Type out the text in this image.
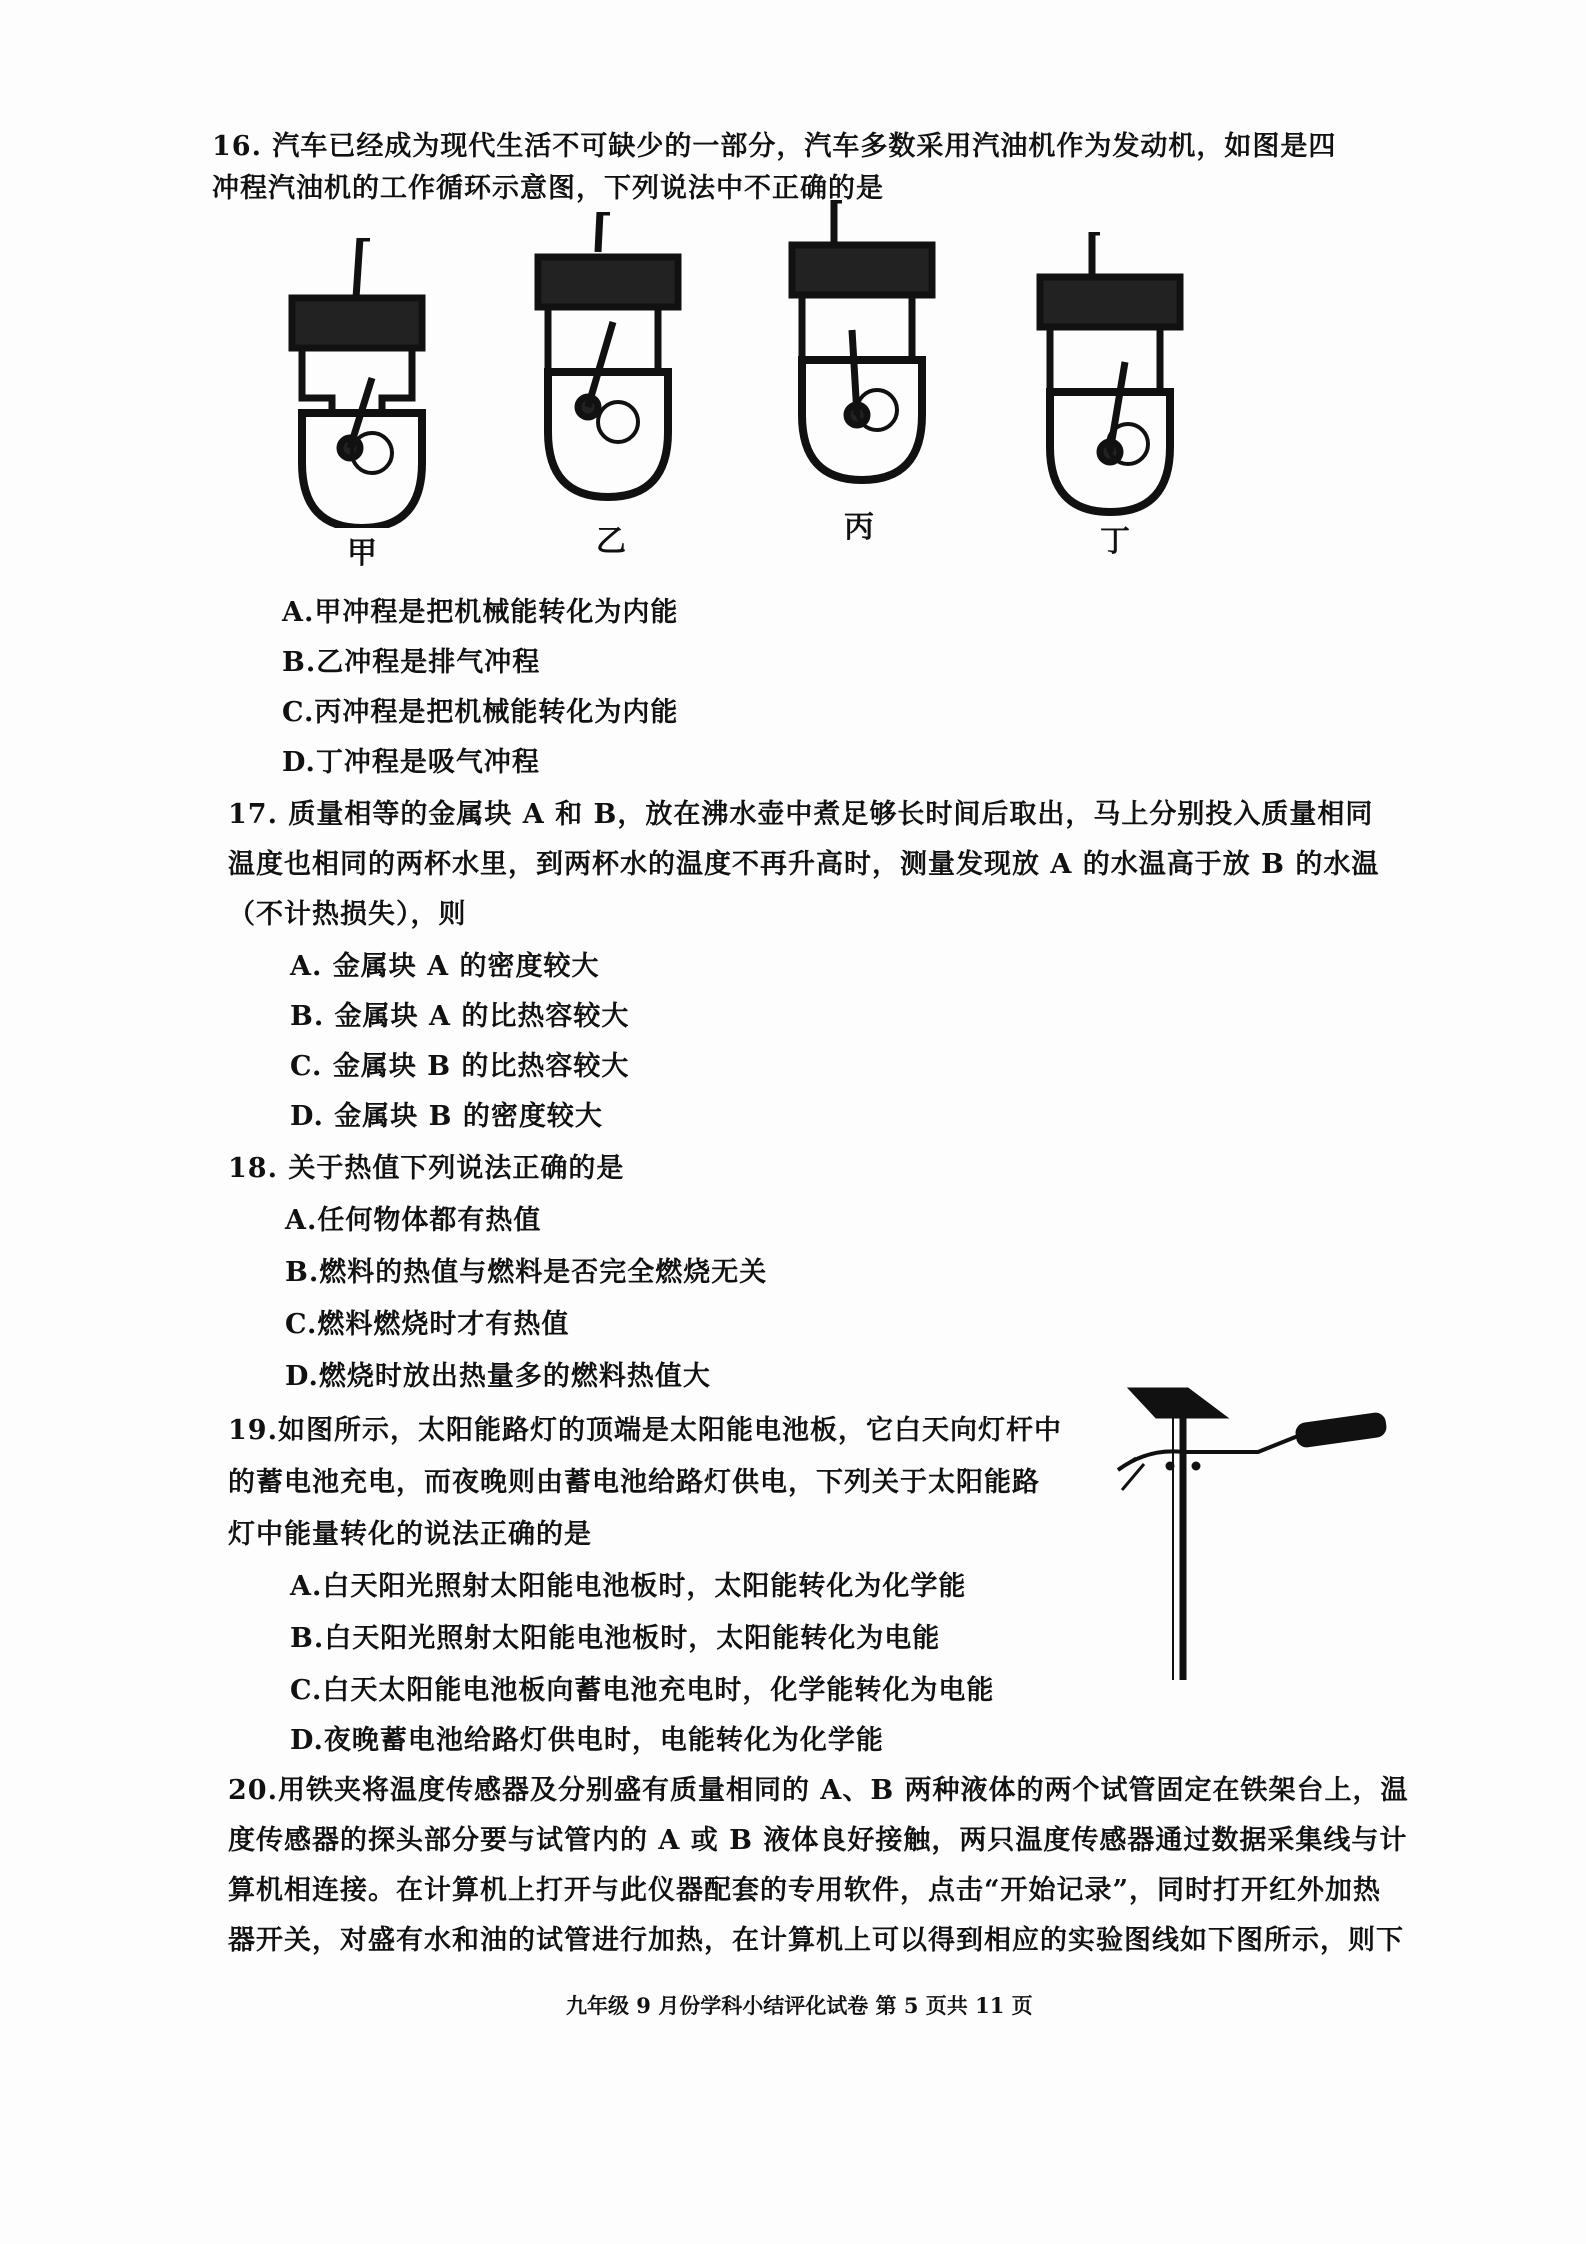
16. 汽车已经成为现代生活不可缺少的一部分，汽车多数采用汽油机作为发动机，如图是四
冲程汽油机的工作循环示意图，下列说法中不正确的是
甲	乙	丙	丁
A.甲冲程是把机械能转化为内能
B.乙冲程是排气冲程
C.丙冲程是把机械能转化为内能
D.丁冲程是吸气冲程
17. 质量相等的金属块 A 和 B，放在沸水壶中煮足够长时间后取出，马上分别投入质量相同
温度也相同的两杯水里，到两杯水的温度不再升高时，测量发现放 A 的水温高于放 B 的水温
（不计热损失），则
A. 金属块 A 的密度较大
B. 金属块 A 的比热容较大
C. 金属块 B 的比热容较大
D. 金属块 B 的密度较大
18. 关于热值下列说法正确的是
A.任何物体都有热值
B.燃料的热值与燃料是否完全燃烧无关
C.燃料燃烧时才有热值
D.燃烧时放出热量多的燃料热值大
19.如图所示，太阳能路灯的顶端是太阳能电池板，它白天向灯杆中
的蓄电池充电，而夜晚则由蓄电池给路灯供电，下列关于太阳能路
灯中能量转化的说法正确的是
A.白天阳光照射太阳能电池板时，太阳能转化为化学能
B.白天阳光照射太阳能电池板时，太阳能转化为电能
C.白天太阳能电池板向蓄电池充电时，化学能转化为电能
D.夜晚蓄电池给路灯供电时，电能转化为化学能
20.用铁夹将温度传感器及分别盛有质量相同的 A、B 两种液体的两个试管固定在铁架台上，温
度传感器的探头部分要与试管内的 A 或 B 液体良好接触，两只温度传感器通过数据采集线与计
算机相连接。在计算机上打开与此仪器配套的专用软件，点击“开始记录”，同时打开红外加热
器开关，对盛有水和油的试管进行加热，在计算机上可以得到相应的实验图线如下图所示，则下
九年级 9 月份学科小结评化试卷 第 5 页共 11 页
